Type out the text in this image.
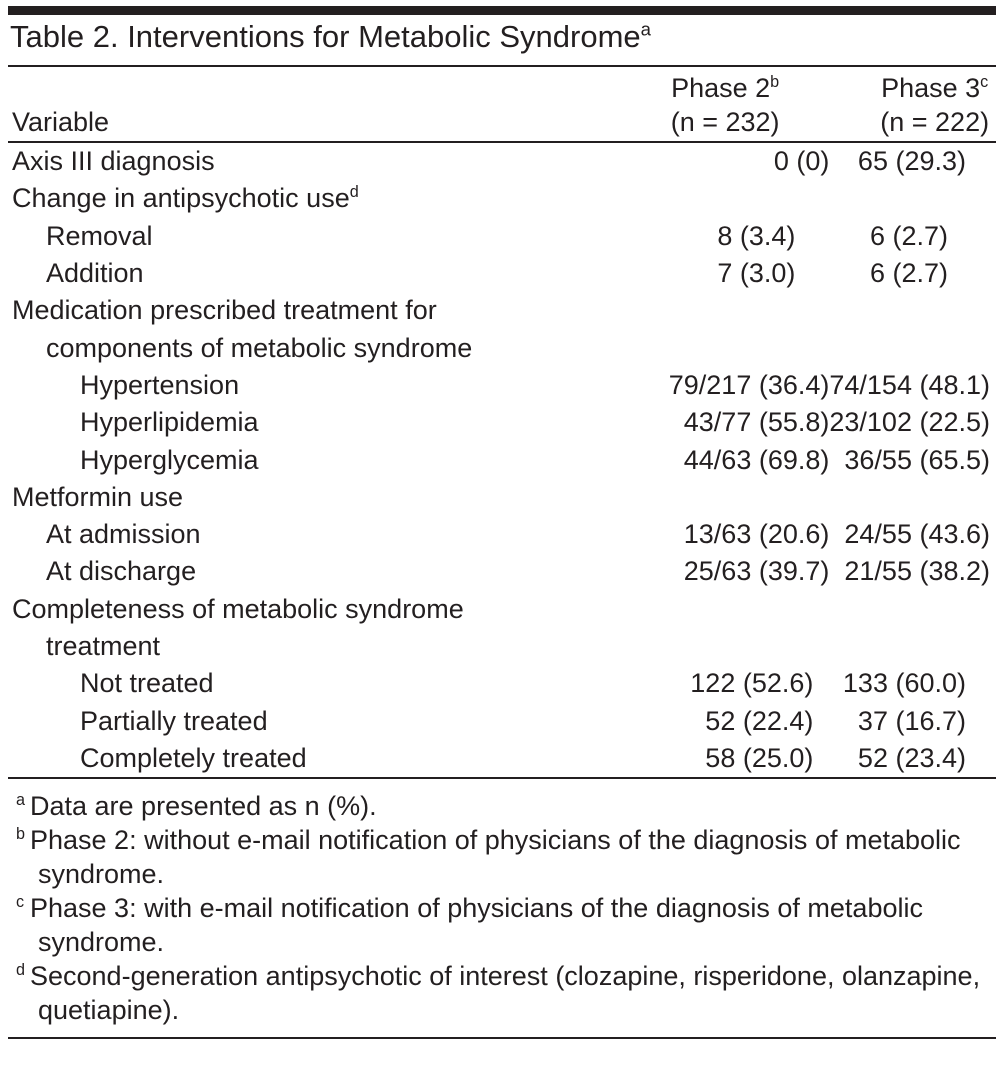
Table 2. Interventions for Metabolic Syndrome$^a$
	Phase 2$^b$	Phase 3$^c$
Variable	(n = 232)	(n = 222)
Axis III diagnosis	0 (0)	65 (29.3)
Change in antipsychotic use$^d$		
Removal	8 (3.4)	6 (2.7)
Addition	7 (3.0)	6 (2.7)
Medication prescribed treatment for		
components of metabolic syndrome		
Hypertension	79/217 (36.4)	74/154 (48.1)
Hyperlipidemia	43/77 (55.8)	23/102 (22.5)
Hyperglycemia	44/63 (69.8)	36/55 (65.5)
Metformin use		
At admission	13/63 (20.6)	24/55 (43.6)
At discharge	25/63 (39.7)	21/55 (38.2)
Completeness of metabolic syndrome		
treatment		
Not treated	122 (52.6)	133 (60.0)
Partially treated	52 (22.4)	37 (16.7)
Completely treated	58 (25.0)	52 (23.4)
a Data are presented as n (%).
b Phase 2: without e-mail notification of physicians of the diagnosis of metabolic syndrome.
c Phase 3: with e-mail notification of physicians of the diagnosis of metabolic syndrome.
d Second-generation antipsychotic of interest (clozapine, risperidone, olanzapine, quetiapine).
